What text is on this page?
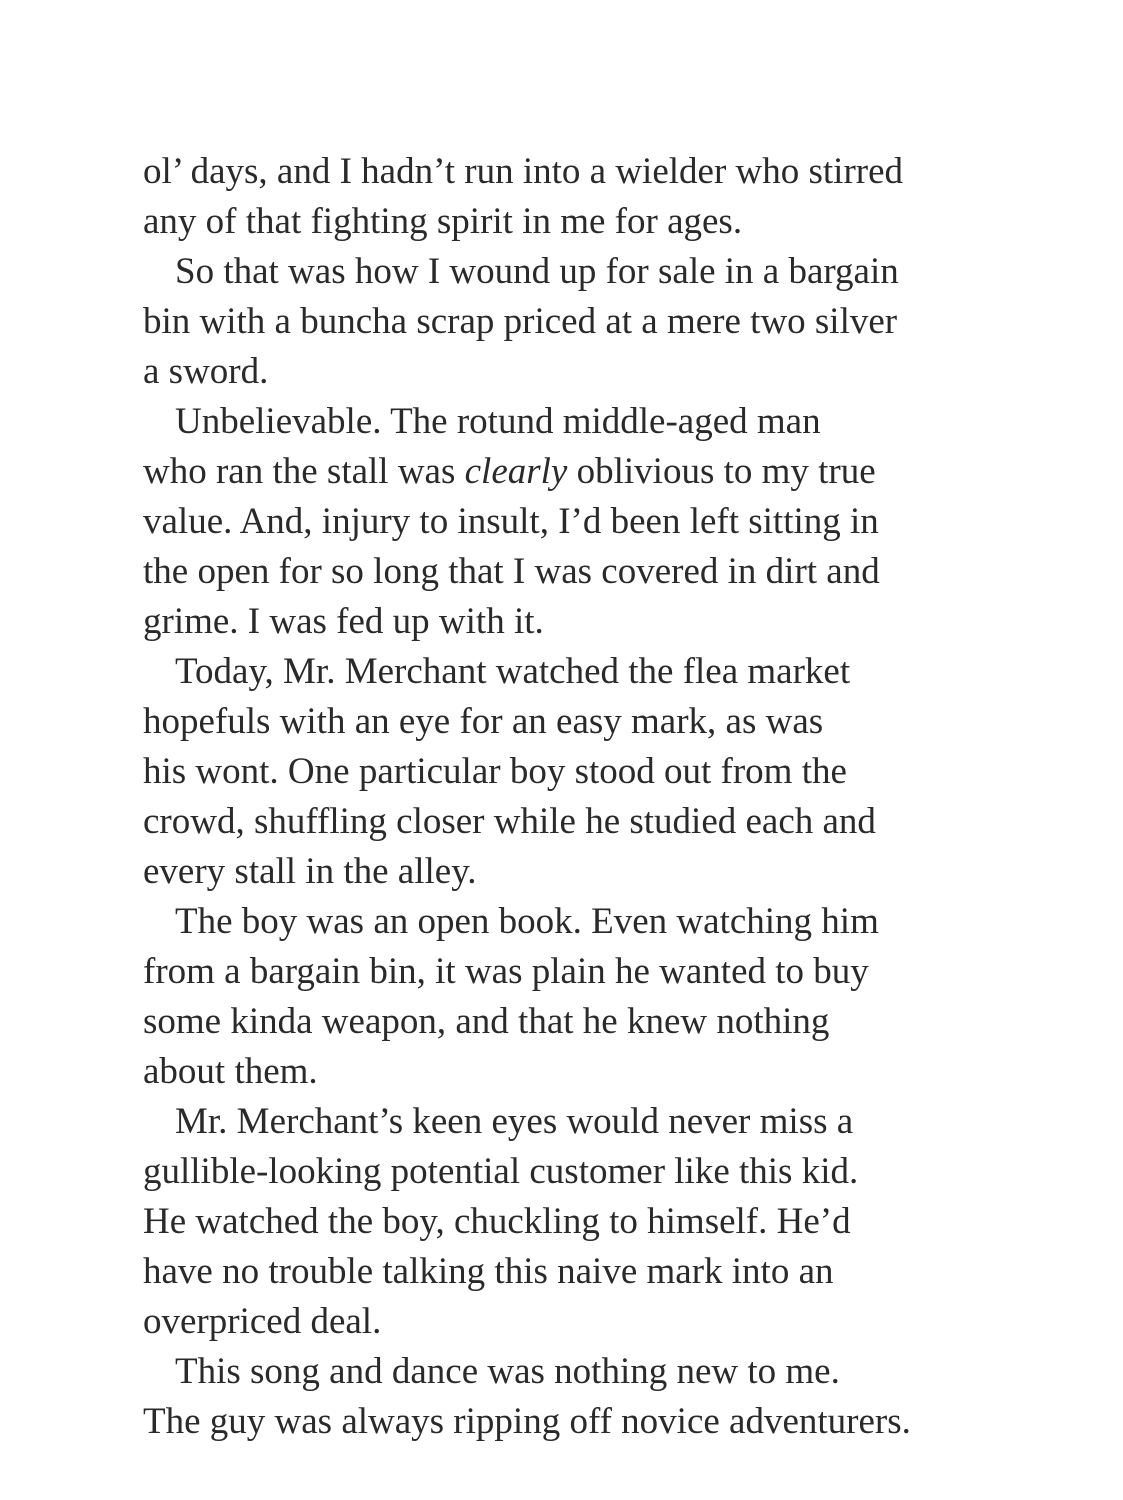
ol’ days, and I hadn’t run into a wielder who stirred
any of that fighting spirit in me for ages.
So that was how I wound up for sale in a bargain
bin with a buncha scrap priced at a mere two silver
a sword.
Unbelievable. The rotund middle-aged man
who ran the stall was clearly oblivious to my true
value. And, injury to insult, I’d been left sitting in
the open for so long that I was covered in dirt and
grime. I was fed up with it.
Today, Mr. Merchant watched the flea market
hopefuls with an eye for an easy mark, as was
his wont. One particular boy stood out from the
crowd, shuffling closer while he studied each and
every stall in the alley.
The boy was an open book. Even watching him
from a bargain bin, it was plain he wanted to buy
some kinda weapon, and that he knew nothing
about them.
Mr. Merchant’s keen eyes would never miss a
gullible-looking potential customer like this kid.
He watched the boy, chuckling to himself. He’d
have no trouble talking this naive mark into an
overpriced deal.
This song and dance was nothing new to me.
The guy was always ripping off novice adventurers.
